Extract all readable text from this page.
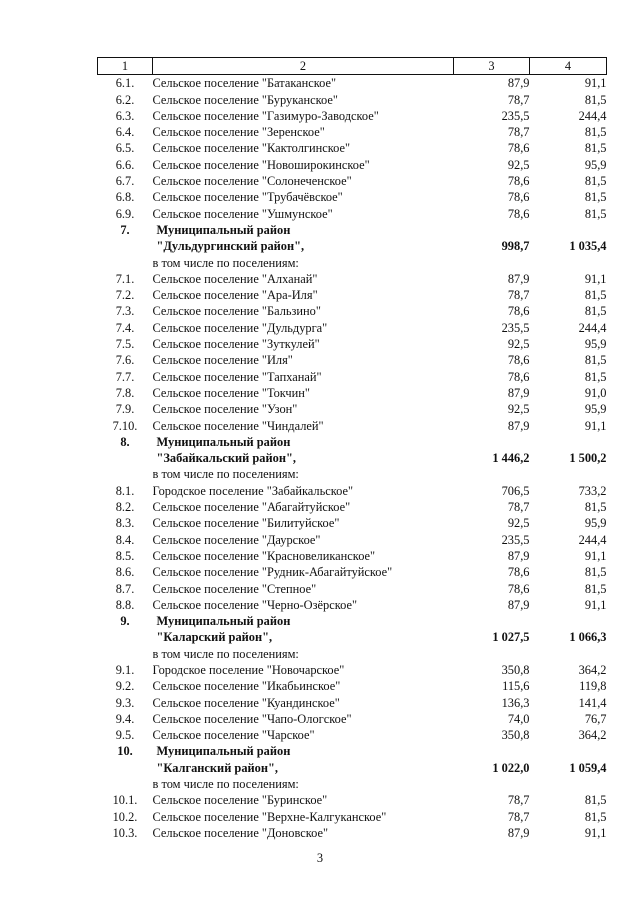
1	2	3	4
6.1.	Сельское поселение "Батаканское"	87,9	91,1
6.2.	Сельское поселение "Буруканское"	78,7	81,5
6.3.	Сельское поселение "Газимуро-Заводское"	235,5	244,4
6.4.	Сельское поселение "Зеренское"	78,7	81,5
6.5.	Сельское поселение "Кактолгинское"	78,6	81,5
6.6.	Сельское поселение "Новоширокинское"	92,5	95,9
6.7.	Сельское поселение "Солонеченское"	78,6	81,5
6.8.	Сельское поселение "Трубачёвское"	78,6	81,5
6.9.	Сельское поселение "Ушмунское"	78,6	81,5
7.	Муниципальный район		
	"Дульдургинский район",	998,7	1 035,4
	в том числе по поселениям:		
7.1.	Сельское поселение "Алханай"	87,9	91,1
7.2.	Сельское поселение "Ара-Иля"	78,7	81,5
7.3.	Сельское поселение "Бальзино"	78,6	81,5
7.4.	Сельское поселение "Дульдурга"	235,5	244,4
7.5.	Сельское поселение "Зуткулей"	92,5	95,9
7.6.	Сельское поселение "Иля"	78,6	81,5
7.7.	Сельское поселение "Тапханай"	78,6	81,5
7.8.	Сельское поселение "Токчин"	87,9	91,0
7.9.	Сельское поселение "Узон"	92,5	95,9
7.10.	Сельское поселение "Чиндалей"	87,9	91,1
8.	Муниципальный район		
	"Забайкальский район",	1 446,2	1 500,2
	в том числе по поселениям:		
8.1.	Городское поселение "Забайкальское"	706,5	733,2
8.2.	Сельское поселение "Абагайтуйское"	78,7	81,5
8.3.	Сельское поселение "Билитуйское"	92,5	95,9
8.4.	Сельское поселение "Даурское"	235,5	244,4
8.5.	Сельское поселение "Красновеликанское"	87,9	91,1
8.6.	Сельское поселение "Рудник-Абагайтуйское"	78,6	81,5
8.7.	Сельское поселение "Степное"	78,6	81,5
8.8.	Сельское поселение "Черно-Озёрское"	87,9	91,1
9.	Муниципальный район		
	"Каларский район",	1 027,5	1 066,3
	в том числе по поселениям:		
9.1.	Городское поселение "Новочарское"	350,8	364,2
9.2.	Сельское поселение "Икабьинское"	115,6	119,8
9.3.	Сельское поселение "Куандинское"	136,3	141,4
9.4.	Сельское поселение "Чапо-Ологское"	74,0	76,7
9.5.	Сельское поселение "Чарское"	350,8	364,2
10.	Муниципальный район		
	"Калганский район",	1 022,0	1 059,4
	в том числе по поселениям:		
10.1.	Сельское поселение "Буринское"	78,7	81,5
10.2.	Сельское поселение "Верхне-Калгуканское"	78,7	81,5
10.3.	Сельское поселение "Доновское"	87,9	91,1
3
